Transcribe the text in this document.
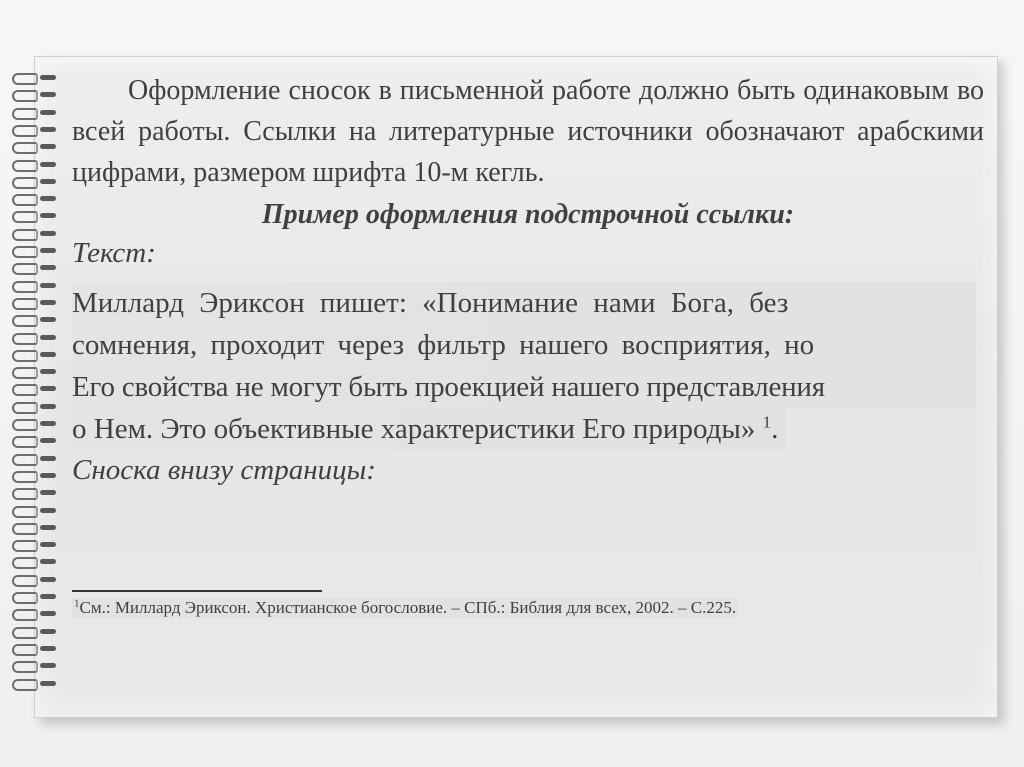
Оформление сносок в письменной работе должно быть одинаковым во всей работы. Ссылки на литературные источники обозначают арабскими цифрами, размером шрифта 10-м кегль.

Пример оформления подстрочной ссылки:
Текст:
Миллард Эриксон пишет: «Понимание нами Бога, без
сомнения, проходит через фильтр нашего восприятия, но
Его свойства не могут быть проекцией нашего представления
о Нем. Это объективные характеристики Его природы» $^1$.
Сноска внизу страницы:
$^1$См.: Миллард Эриксон. Христианское богословие. – СПб.: Библия для всех, 2002. – С.225.
